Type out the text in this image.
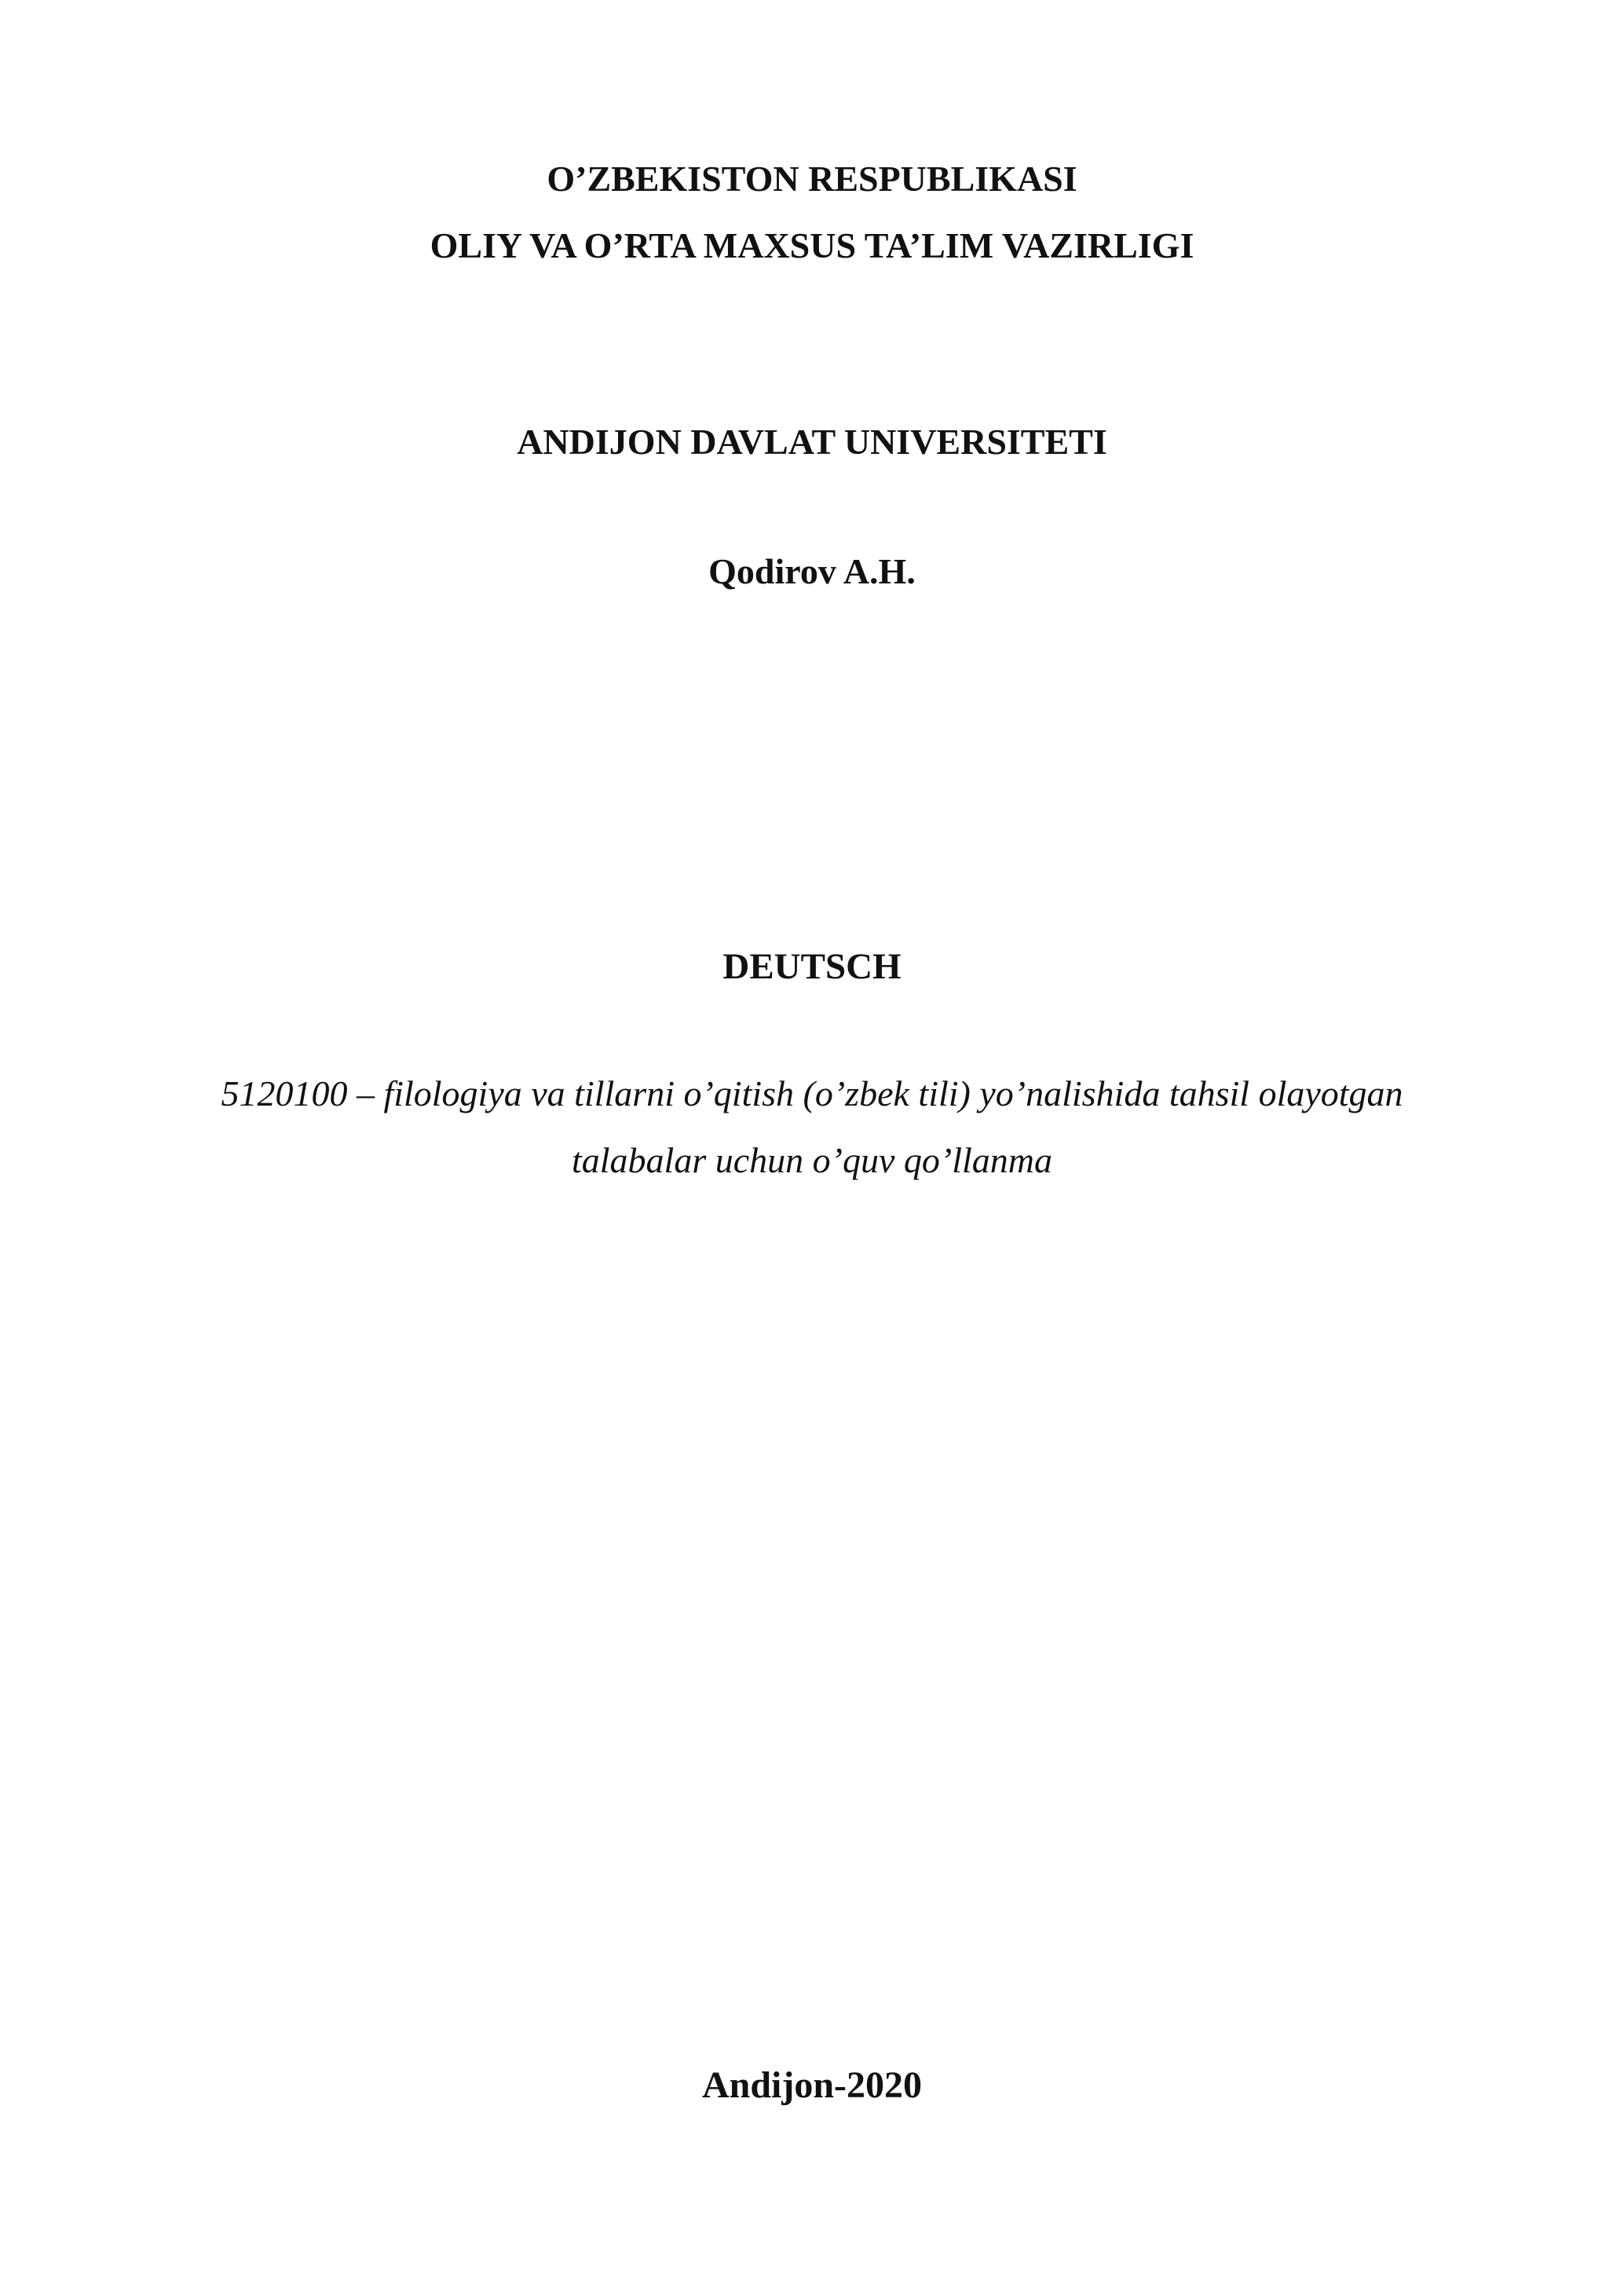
O’ZBEKISTON RESPUBLIKASI
OLIY VA O’RTA MAXSUS TA’LIM VAZIRLIGI
ANDIJON DAVLAT UNIVERSITETI
Qodirov A.H.
DEUTSCH
5120100 – filologiya va tillarni o’qitish (o’zbek tili) yo’nalishida tahsil olayotgan
talabalar uchun o’quv qo’llanma
Andijon-2020
